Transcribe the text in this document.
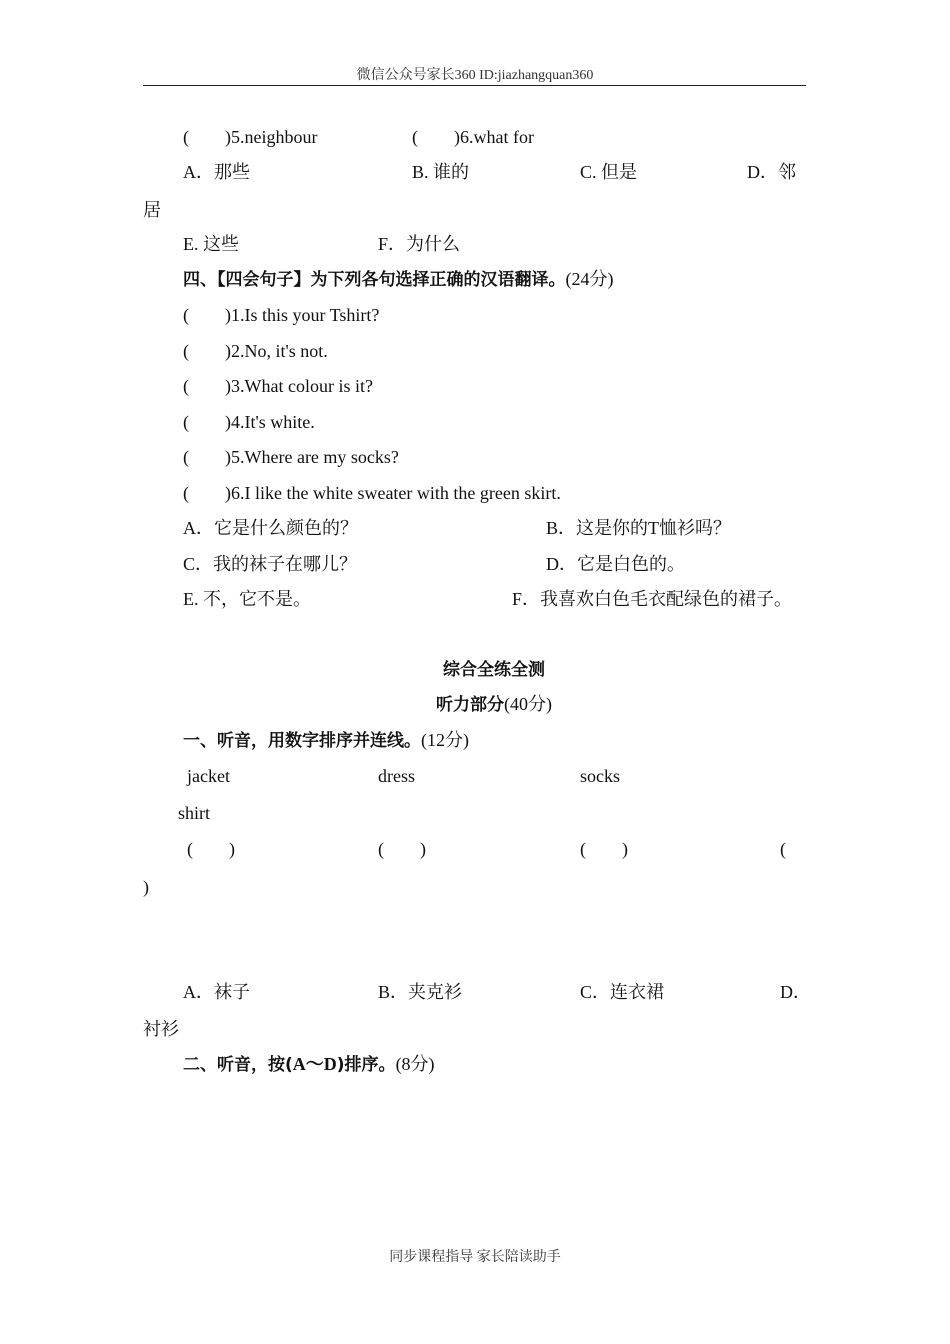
微信公众号家长360 ID:jiazhangquan360
(　　)5.neighbour	(　　)6.what for
A．那些	B. 谁的	C. 但是	D．邻
居
E. 这些	F．为什么
四、【四会句子】为下列各句选择正确的汉语翻译。(24分)
(　　)1.Is this your Tshirt?
(　　)2.No, it's not.
(　　)3.What colour is it?
(　　)4.It's white.
(　　)5.Where are my socks?
(　　)6.I like the white sweater with the green skirt.
A．它是什么颜色的？	B．这是你的T恤衫吗？
C．我的袜子在哪儿？	D．它是白色的。
E. 不，它不是。	F．我喜欢白色毛衣配绿色的裙子。
综合全练全测
听力部分(40分)
一、听音，用数字排序并连线。(12分)
jacket	dress	socks
shirt
(　　)	(　　)	(　　)	(
)
A．袜子	B．夹克衫	C．连衣裙	D．
衬衫
二、听音，按(A～D)排序。(8分)
同步课程指导 家长陪读助手
